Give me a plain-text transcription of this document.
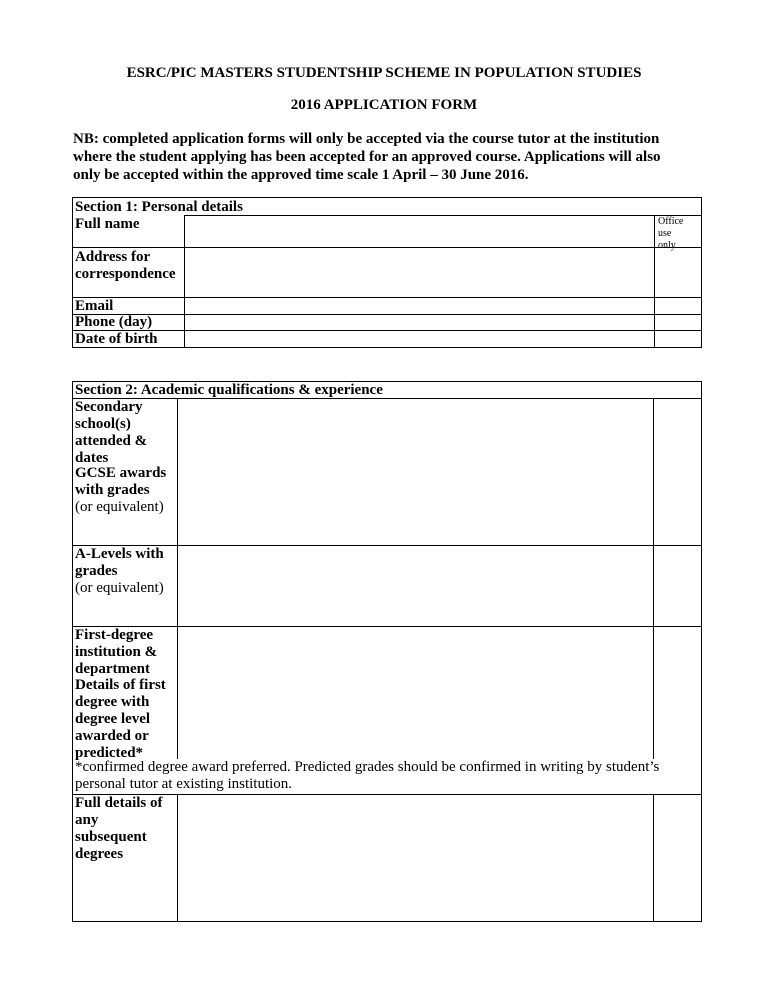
ESRC/PIC MASTERS STUDENTSHIP SCHEME IN POPULATION STUDIES
2016 APPLICATION FORM
NB: completed application forms will only be accepted via the course tutor at the institution
where the student applying has been accepted for an approved course. Applications will also
only be accepted within the approved time scale 1 April – 30 June 2016.
Section 1: Personal details
Full name	Office
use
only
Address for
correspondence
Email
Phone (day)
Date of birth
Section 2: Academic qualifications & experience
Secondary
school(s)
attended &
dates
GCSE awards
with grades
(or equivalent)
A-Levels with
grades
(or equivalent)
First-degree
institution &
department
Details of first
degree with
degree level
awarded or
predicted*
*confirmed degree award preferred. Predicted grades should be confirmed in writing by student’s
personal tutor at existing institution.
Full details of
any
subsequent
degrees
